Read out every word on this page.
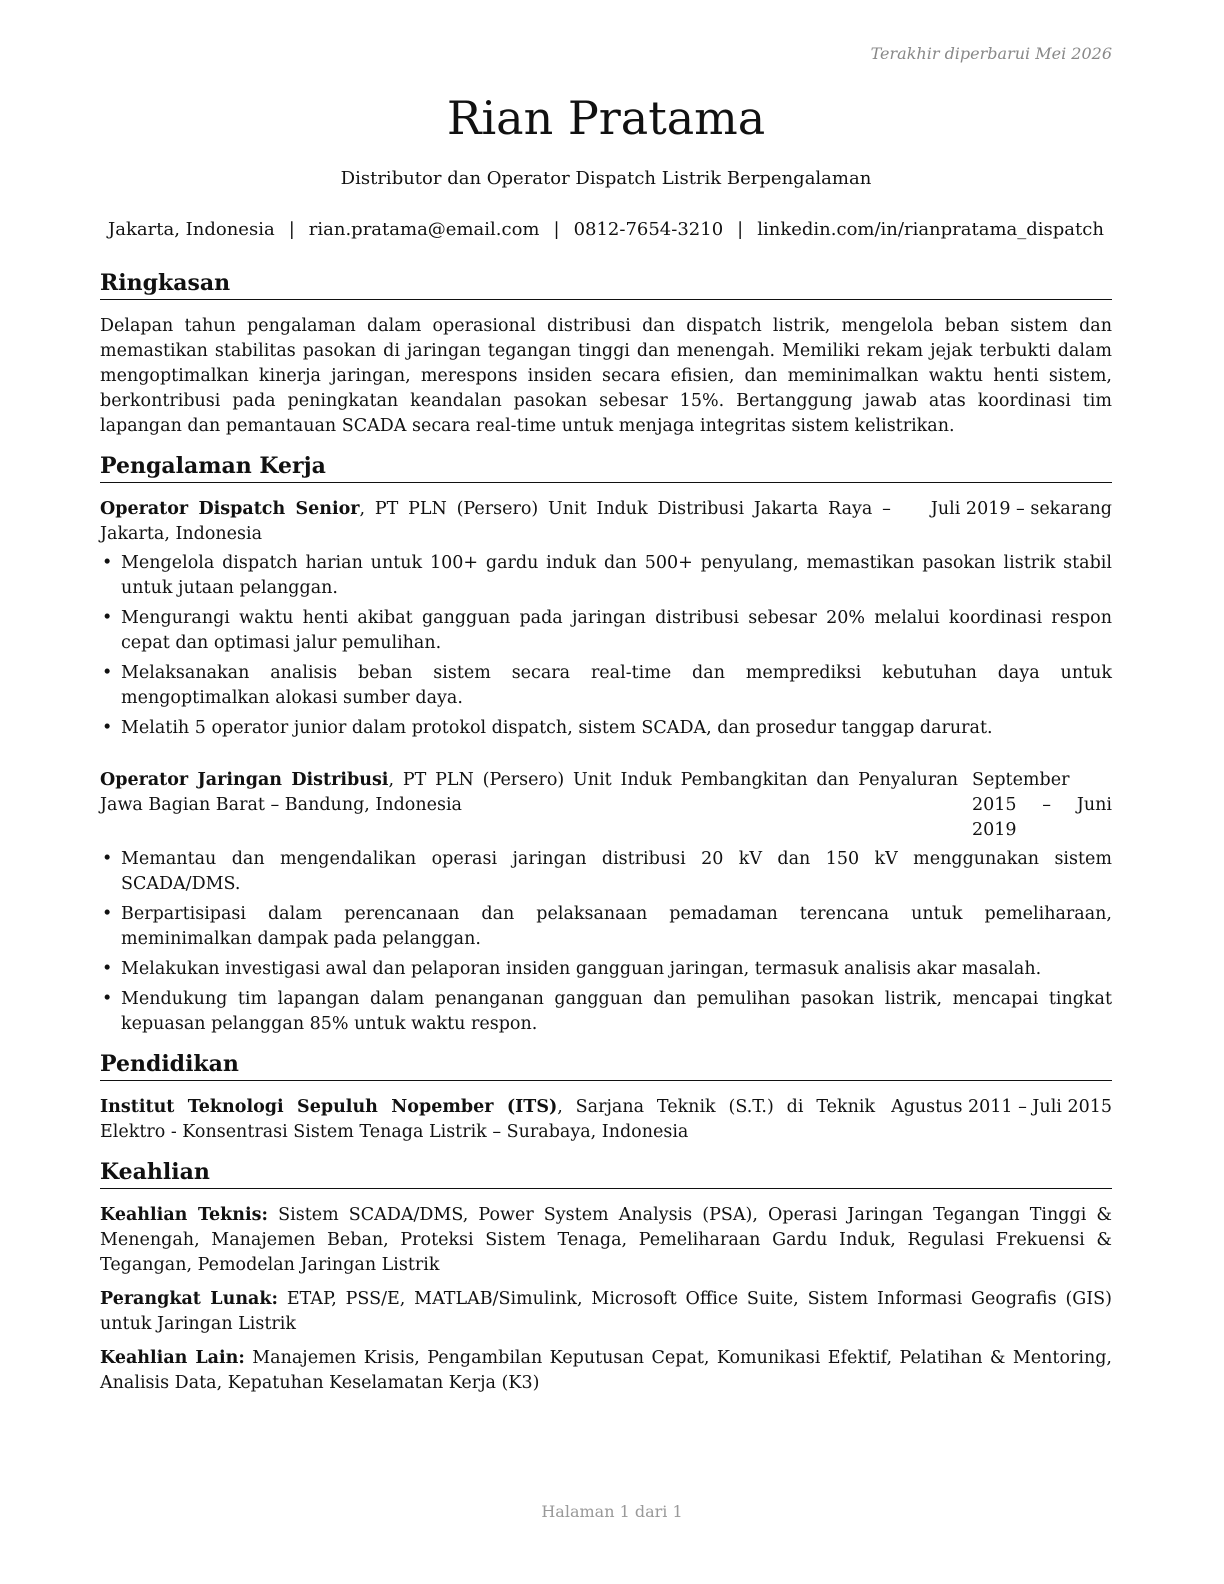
Terakhir diperbarui Mei 2026
Rian Pratama
Distributor dan Operator Dispatch Listrik Berpengalaman
Jakarta, Indonesia | rian.pratama@email.com | 0812-7654-3210 | linkedin.com/in/rianpratama_dispatch
Ringkasan

Delapan tahun pengalaman dalam operasional distribusi dan dispatch listrik, mengelola beban sistem dan memastikan stabilitas pasokan di jaringan tegangan tinggi dan menengah. Memiliki rekam jejak terbukti dalam mengoptimalkan kinerja jaringan, merespons insiden secara efisien, dan meminimalkan waktu henti sistem, berkontribusi pada peningkatan keandalan pasokan sebesar 15%. Bertanggung jawab atas koordinasi tim lapangan dan pemantauan SCADA secara real-time untuk menjaga integritas sistem kelistrikan.

Pengalaman Kerja
Operator Dispatch Senior, PT PLN (Persero) Unit Induk Distribusi Jakarta Raya – Jakarta, Indonesia
Juli 2019 – sekarang
• Mengelola dispatch harian untuk 100+ gardu induk dan 500+ penyulang, memastikan pasokan listrik stabil untuk jutaan pelanggan.
• Mengurangi waktu henti akibat gangguan pada jaringan distribusi sebesar 20% melalui koordinasi respon cepat dan optimasi jalur pemulihan.
• Melaksanakan analisis beban sistem secara real-time dan memprediksi kebutuhan daya untuk mengoptimalkan alokasi sumber daya.
• Melatih 5 operator junior dalam protokol dispatch, sistem SCADA, dan prosedur tanggap darurat.
Operator Jaringan Distribusi, PT PLN (Persero) Unit Induk Pembangkitan dan Penyaluran Jawa Bagian Barat – Bandung, Indonesia
September 2015 – Juni 2019
• Memantau dan mengendalikan operasi jaringan distribusi 20 kV dan 150 kV menggunakan sistem SCADA/DMS.
• Berpartisipasi dalam perencanaan dan pelaksanaan pemadaman terencana untuk pemeliharaan, meminimalkan dampak pada pelanggan.
• Melakukan investigasi awal dan pelaporan insiden gangguan jaringan, termasuk analisis akar masalah.
• Mendukung tim lapangan dalam penanganan gangguan dan pemulihan pasokan listrik, mencapai tingkat kepuasan pelanggan 85% untuk waktu respon.
Pendidikan
Institut Teknologi Sepuluh Nopember (ITS), Sarjana Teknik (S.T.) di Teknik Elektro - Konsentrasi Sistem Tenaga Listrik – Surabaya, Indonesia
Agustus 2011 – Juli 2015
Keahlian

Keahlian Teknis: Sistem SCADA/DMS, Power System Analysis (PSA), Operasi Jaringan Tegangan Tinggi & Menengah, Manajemen Beban, Proteksi Sistem Tenaga, Pemeliharaan Gardu Induk, Regulasi Frekuensi & Tegangan, Pemodelan Jaringan Listrik

Perangkat Lunak: ETAP, PSS/E, MATLAB/Simulink, Microsoft Office Suite, Sistem Informasi Geografis (GIS) untuk Jaringan Listrik

Keahlian Lain: Manajemen Krisis, Pengambilan Keputusan Cepat, Komunikasi Efektif, Pelatihan & Mentoring, Analisis Data, Kepatuhan Keselamatan Kerja (K3)

Halaman 1 dari 1
